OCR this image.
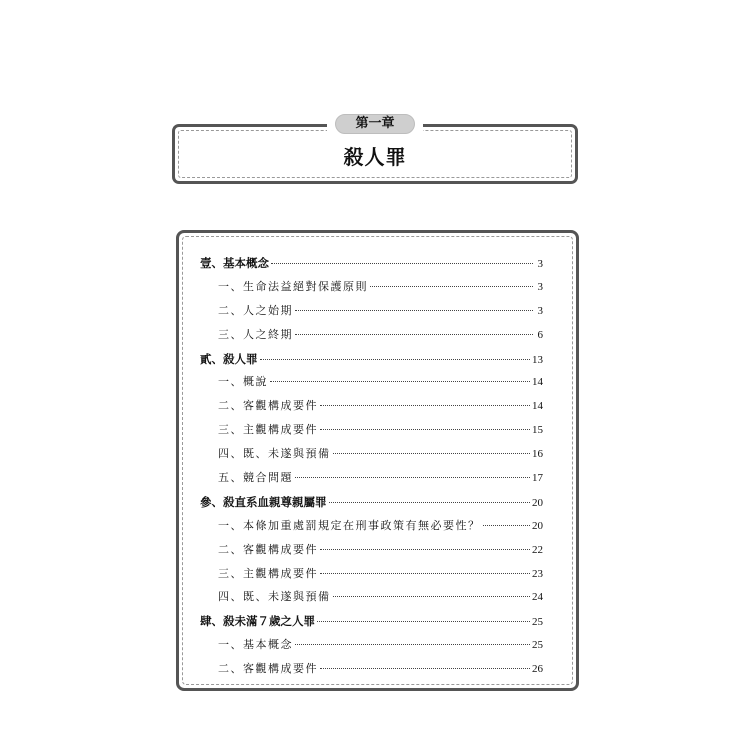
第一章
殺人罪
壹、基本概念	3
一、生命法益絕對保護原則	3
二、人之始期	3
三、人之終期	6
貳、殺人罪	13
一、概說	14
二、客觀構成要件	14
三、主觀構成要件	15
四、既、未遂與預備	16
五、競合問題	17
參、殺直系血親尊親屬罪	20
一、本條加重處罰規定在刑事政策有無必要性？	20
二、客觀構成要件	22
三、主觀構成要件	23
四、既、未遂與預備	24
肆、殺未滿７歲之人罪	25
一、基本概念	25
二、客觀構成要件	26
